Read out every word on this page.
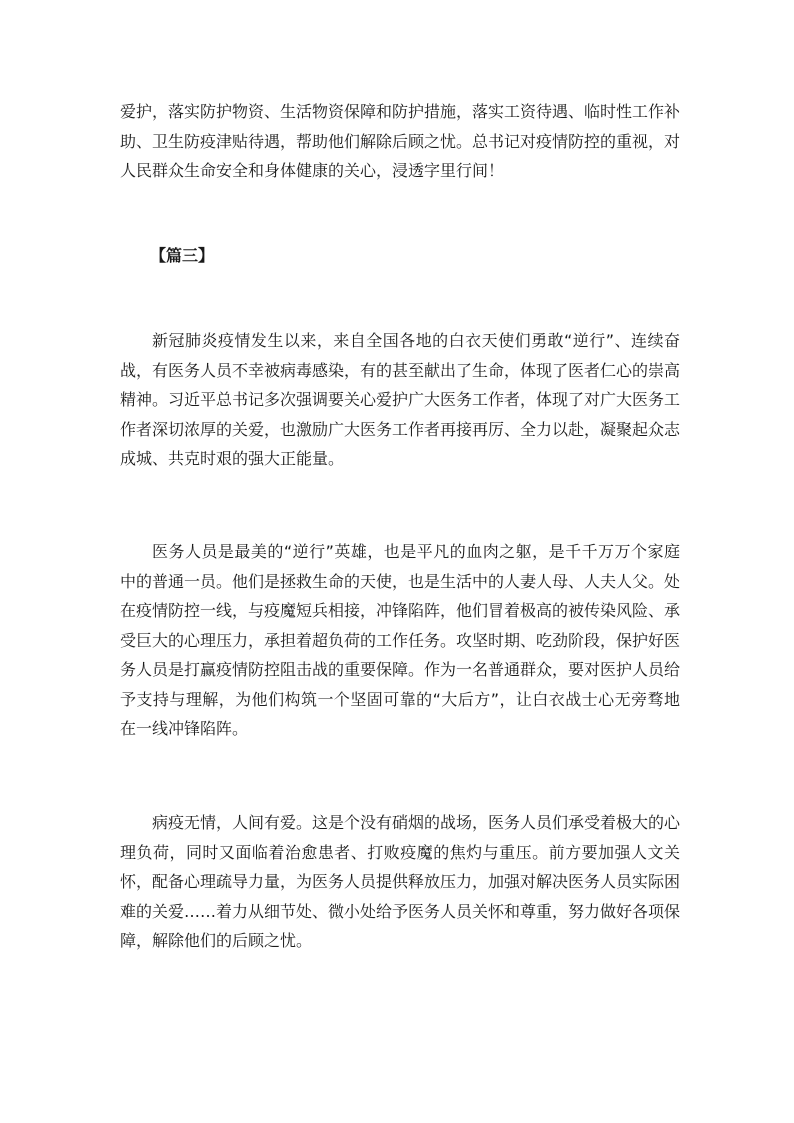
爱护，落实防护物资、生活物资保障和防护措施，落实工资待遇、临时性工作补助、卫生防疫津贴待遇，帮助他们解除后顾之忧。总书记对疫情防控的重视，对人民群众生命安全和身体健康的关心，浸透字里行间！

【篇三】

新冠肺炎疫情发生以来，来自全国各地的白衣天使们勇敢“逆行”、连续奋战，有医务人员不幸被病毒感染，有的甚至献出了生命，体现了医者仁心的崇高精神。习近平总书记多次强调要关心爱护广大医务工作者，体现了对广大医务工作者深切浓厚的关爱，也激励广大医务工作者再接再厉、全力以赴，凝聚起众志成城、共克时艰的强大正能量。

医务人员是最美的“逆行”英雄，也是平凡的血肉之躯，是千千万万个家庭中的普通一员。他们是拯救生命的天使，也是生活中的人妻人母、人夫人父。处在疫情防控一线，与疫魔短兵相接，冲锋陷阵，他们冒着极高的被传染风险、承受巨大的心理压力，承担着超负荷的工作任务。攻坚时期、吃劲阶段，保护好医务人员是打赢疫情防控阻击战的重要保障。作为一名普通群众，要对医护人员给予支持与理解，为他们构筑一个坚固可靠的“大后方”，让白衣战士心无旁骛地在一线冲锋陷阵。

病疫无情，人间有爱。这是个没有硝烟的战场，医务人员们承受着极大的心理负荷，同时又面临着治愈患者、打败疫魔的焦灼与重压。前方要加强人文关怀，配备心理疏导力量，为医务人员提供释放压力，加强对解决医务人员实际困难的关爱……着力从细节处、微小处给予医务人员关怀和尊重，努力做好各项保障，解除他们的后顾之忧。
